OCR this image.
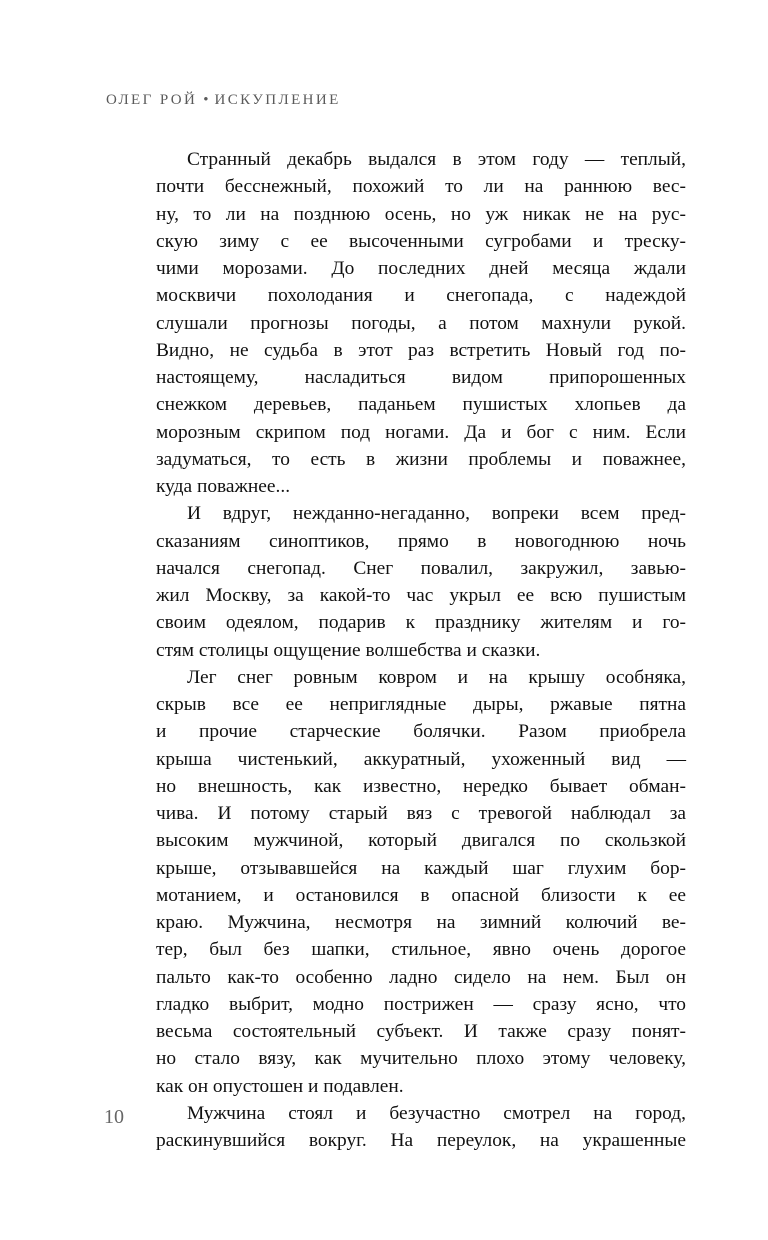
ОЛЕГ РОЙ • ИСКУПЛЕНИЕ
Странный декабрь выдался в этом году — теплый,
почти бесснежный, похожий то ли на раннюю вес-
ну, то ли на позднюю осень, но уж никак не на рус-
скую зиму с ее высоченными сугробами и треску-
чими морозами. До последних дней месяца ждали
москвичи похолодания и снегопада, с надеждой
слушали прогнозы погоды, а потом махнули рукой.
Видно, не судьба в этот раз встретить Новый год по-
настоящему, насладиться видом припорошенных
снежком деревьев, паданьем пушистых хлопьев да
морозным скрипом под ногами. Да и бог с ним. Если
задуматься, то есть в жизни проблемы и поважнее,
куда поважнее...
И вдруг, нежданно-негаданно, вопреки всем пред-
сказаниям синоптиков, прямо в новогоднюю ночь
начался снегопад. Снег повалил, закружил, завью-
жил Москву, за какой-то час укрыл ее всю пушистым
своим одеялом, подарив к празднику жителям и го-
стям столицы ощущение волшебства и сказки.
Лег снег ровным ковром и на крышу особняка,
скрыв все ее неприглядные дыры, ржавые пятна
и прочие старческие болячки. Разом приобрела
крыша чистенький, аккуратный, ухоженный вид —
но внешность, как известно, нередко бывает обман-
чива. И потому старый вяз с тревогой наблюдал за
высоким мужчиной, который двигался по скользкой
крыше, отзывавшейся на каждый шаг глухим бор-
мотанием, и остановился в опасной близости к ее
краю. Мужчина, несмотря на зимний колючий ве-
тер, был без шапки, стильное, явно очень дорогое
пальто как-то особенно ладно сидело на нем. Был он
гладко выбрит, модно пострижен — сразу ясно, что
весьма состоятельный субъект. И также сразу понят-
но стало вязу, как мучительно плохо этому человеку,
как он опустошен и подавлен.
Мужчина стоял и безучастно смотрел на город,
раскинувшийся вокруг. На переулок, на украшенные
10
